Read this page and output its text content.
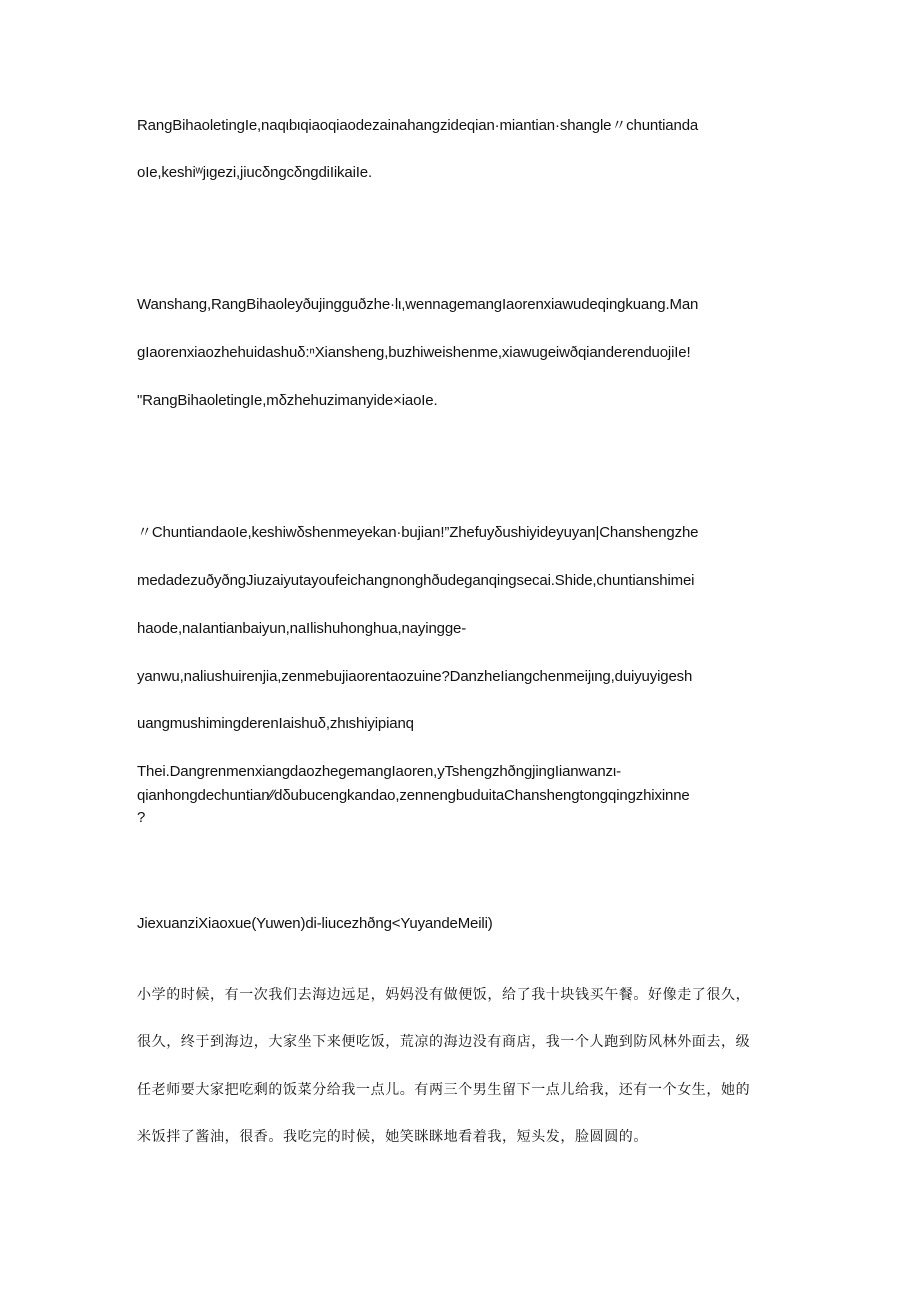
RangBihaoletingIe,naqιbιqiaoqiaodezainahangzideqian·miantian·shangle〃chuntianda
oIe,keshiʷjιgezi,jiucδngcδngdiIikaiIe.
Wanshang,RangBihaoleyðujingguðzhe·lι,wennagemangIaorenxiawudeqingkuang.Man
gIaorenxiaozhehuidashuδ:ⁿXiansheng,buzhiweishenme,xiawugeiwðqianderenduojiIe!
"RangBihaoletingIe,mδzhehuzimanyide×iaoIe.
〃ChuntiandaoIe,keshiwδshenmeyekan·bujian!”Zhefuyδushiyideyuyan|Chanshengzhe
medadezuðyðngJiuzaiyutayoufeichangnonghðudeganqingsecai.Shide,chuntianshimei
haode,naIantianbaiyun,naIlishuhonghua,nayingge-
yanwu,naliushuirenjia,zenmebujiaorentaozuine?DanzheIiangchenmeijιng,duiyuyigesh
uangmushimingderenIaishuδ,zhιshiyipianq
Thei.DangrenmenxiangdaozhegemangIaoren,yTshengzhðngjingIianwanzι-
qianhongdechuntian∕∕dδubucengkandao,zennengbuduitaChanshengtongqingzhixinne
?
JiexuanziXiaoxue(Yuwen)di-liucezhðng<YuyandeMeili)
小学的时候，有一次我们去海边远足，妈妈没有做便饭，给了我十块钱买午餐。好像走了很久，
很久，终于到海边，大家坐下来便吃饭，荒凉的海边没有商店，我一个人跑到防风林外面去，级
任老师要大家把吃剩的饭菜分给我一点儿。有两三个男生留下一点儿给我，还有一个女生，她的
米饭拌了酱油，很香。我吃完的时候，她笑眯眯地看着我，短头发，脸圆圆的。
